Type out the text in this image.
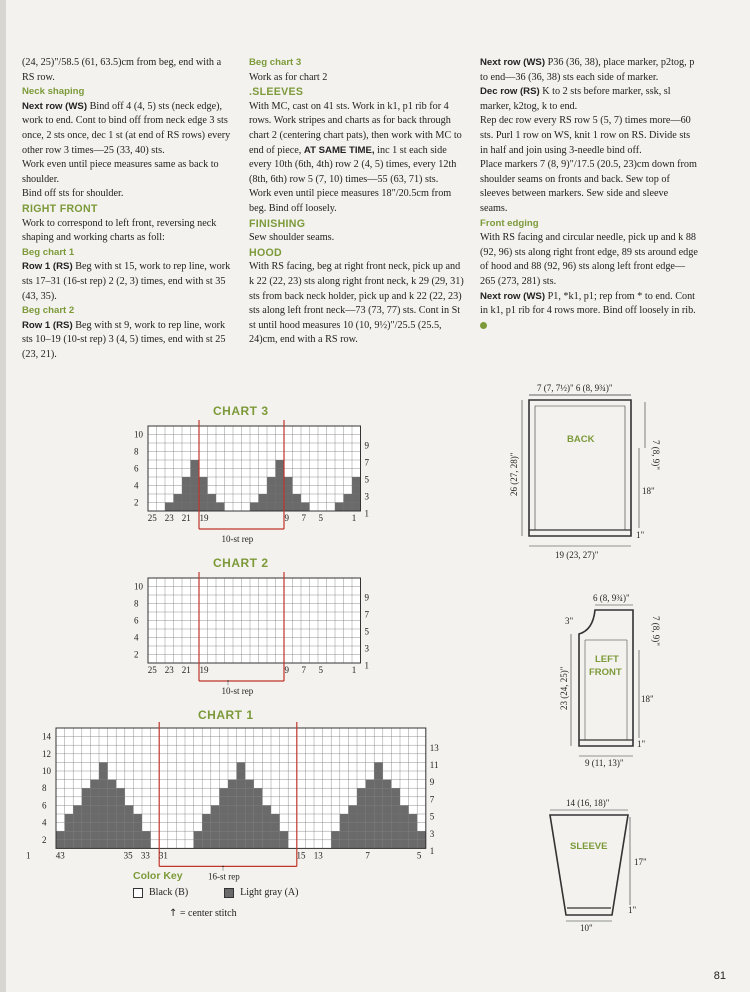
(24, 25)"/58.5 (61, 63.5)cm from beg, end with a RS row.

Neck shaping

Next row (WS) Bind off 4 (4, 5) sts (neck edge), work to end. Cont to bind off from neck edge 3 sts once, 2 sts once, dec 1 st (at end of RS rows) every other row 3 times—25 (33, 40) sts.

Work even until piece measures same as back to shoulder.

Bind off sts for shoulder.

RIGHT FRONT

Work to correspond to left front, reversing neck shaping and working charts as foll:

Beg chart 1

Row 1 (RS) Beg with st 15, work to rep line, work sts 17–31 (16-st rep) 2 (2, 3) times, end with st 35 (43, 35).

Beg chart 2

Row 1 (RS) Beg with st 9, work to rep line, work sts 10–19 (10-st rep) 3 (4, 5) times, end with st 25 (23, 21).

Beg chart 3

Work as for chart 2

.SLEEVES

With MC, cast on 41 sts. Work in k1, p1 rib for 4 rows. Work stripes and charts as for back through chart 2 (centering chart pats), then work with MC to end of piece, AT SAME TIME, inc 1 st each side every 10th (6th, 4th) row 2 (4, 5) times, every 12th (8th, 6th) row 5 (7, 10) times—55 (63, 71) sts.

Work even until piece measures 18"/20.5cm from beg. Bind off loosely.

FINISHING

Sew shoulder seams.

HOOD

With RS facing, beg at right front neck, pick up and k 22 (22, 23) sts along right front neck, k 29 (29, 31) sts from back neck holder, pick up and k 22 (22, 23) sts along left front neck—73 (73, 77) sts. Cont in St st until hood measures 10 (10, 9½)"/25.5 (25.5, 24)cm, end with a RS row.

Next row (WS) P36 (36, 38), place marker, p2tog, p to end—36 (36, 38) sts each side of marker.

Dec row (RS) K to 2 sts before marker, ssk, sl marker, k2tog, k to end.

Rep dec row every RS row 5 (5, 7) times more—60 sts. Purl 1 row on WS, knit 1 row on RS. Divide sts in half and join using 3-needle bind off.

Place markers 7 (8, 9)"/17.5 (20.5, 23)cm down from shoulder seams on fronts and back. Sew top of sleeves between markers. Sew side and sleeve seams.

Front edging

With RS facing and circular needle, pick up and k 88 (92, 96) sts along right front edge, 89 sts around edge of hood and 88 (92, 96) sts along left front edge—265 (273, 281) sts.

Next row (WS) P1, *k1, p1; rep from * to end. Cont in k1, p1 rib for 4 rows more. Bind off loosely in rib.

CHART 3
10-st rep
10
8
6
4
2
9
7
5
3
1
25 23 21 19	9 7 5	1
CHART 2
↑
10-st rep
10
8
6
4
2
9
7
5
3
1
25 23 21 19	9 7 5	1
CHART 1
↑
16-st rep
14
12
10
8
6
4
2
13
11
9
7
5
3
1
43	35 33 31	15 13	7	5
1
Color Key
Black (B)	Light gray (A)
↑ = center stitch
7 (7, 7½)" 6 (8, 9¾)"
BACK
26 (27, 28)"	7 (8, 9)"
18"
1"
19 (23, 27)"
6 (8, 9¾)"
3"
LEFT
FRONT
23 (24, 25)"
7 (8, 9)"
18"
1"
9 (11, 13)"
14 (16, 18)"
SLEEVE
17"
1"
10"
81
